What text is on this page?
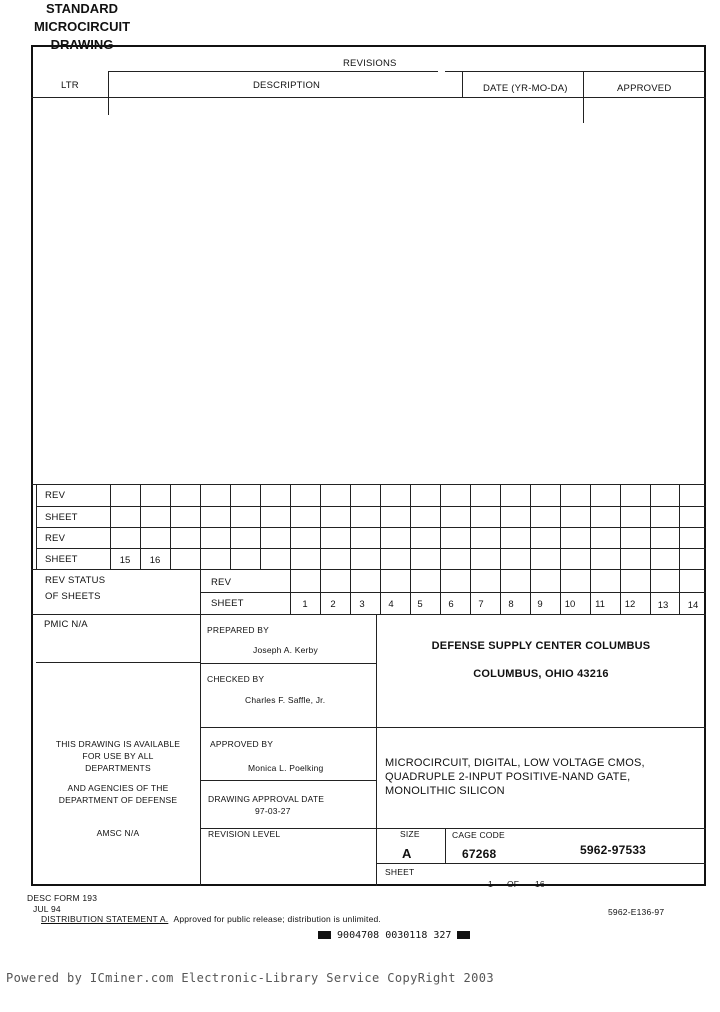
REVISIONS
LTR	DESCRIPTION	DATE (YR-MO-DA)	APPROVED
REV
SHEET
REV
SHEET	15	16
REV STATUS
OF SHEETS
REV
SHEET	1	2	3	4	5	6	7	8	9	10	11	12	13	14
PMIC N/A
STANDARD
MICROCIRCUIT
DRAWING
THIS DRAWING IS AVAILABLE
FOR USE BY ALL
DEPARTMENTS
AND AGENCIES OF THE
DEPARTMENT OF DEFENSE
AMSC N/A
PREPARED BY
Joseph A. Kerby
CHECKED BY
Charles F. Saffle, Jr.
APPROVED BY
Monica L. Poelking
DRAWING APPROVAL DATE
97-03-27
REVISION LEVEL
DEFENSE SUPPLY CENTER COLUMBUS
COLUMBUS, OHIO 43216
MICROCIRCUIT, DIGITAL, LOW VOLTAGE CMOS,
QUADRUPLE 2-INPUT POSITIVE-NAND GATE,
MONOLITHIC SILICON
SIZE
A
CAGE CODE
67268	5962-97533
SHEET
1 OF 16
DESC FORM 193
JUL 94
DISTRIBUTION STATEMENT A. Approved for public release; distribution is unlimited.
5962-E136-97
9004708 0030118 327
Powered by ICminer.com Electronic-Library Service CopyRight 2003
